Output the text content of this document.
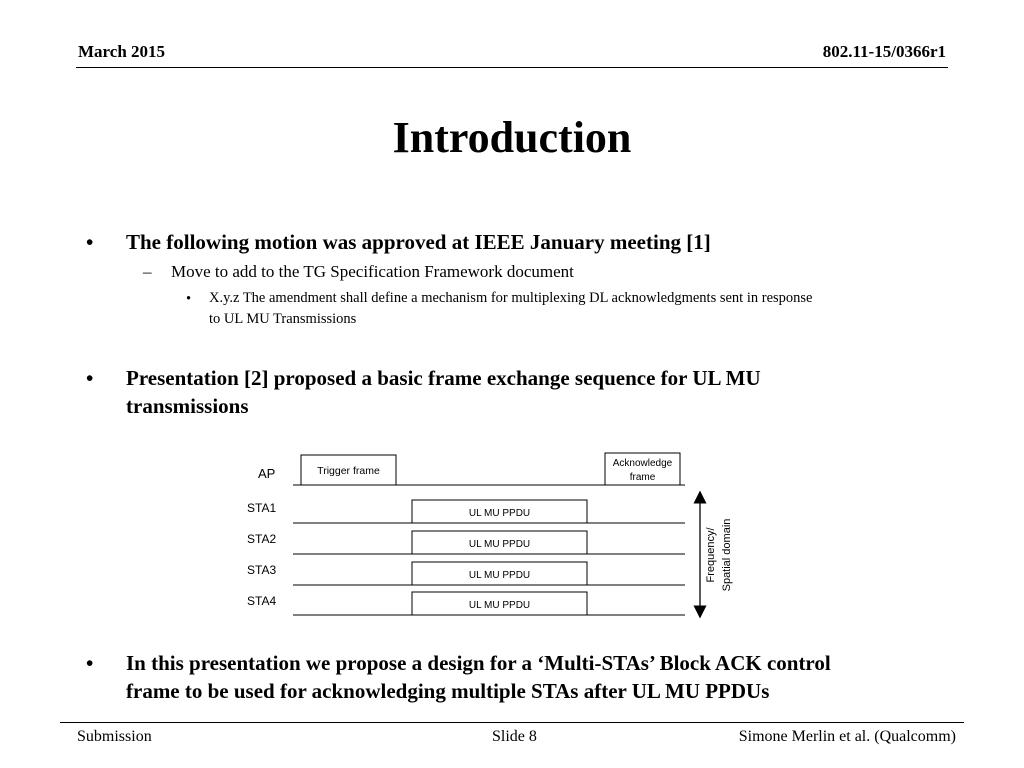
March 2015	802.11-15/0366r1
Introduction
• The following motion was approved at IEEE January meeting [1]
– Move to add to the TG Specification Framework document
• X.y.z The amendment shall define a mechanism for multiplexing DL acknowledgments sent in response
to UL MU Transmissions
• Presentation [2] proposed a basic frame exchange sequence for UL MU
transmissions
AP	Trigger frame
Acknowledge
frame
STA1	UL MU PPDU
STA2	UL MU PPDU
STA3	UL MU PPDU
STA4	UL MU PPDU
Frequency/ Spatial domain
• In this presentation we propose a design for a ‘Multi-STAs’ Block ACK control
frame to be used for acknowledging multiple STAs after UL MU PPDUs
Submission	Slide 8	Simone Merlin et al. (Qualcomm)
